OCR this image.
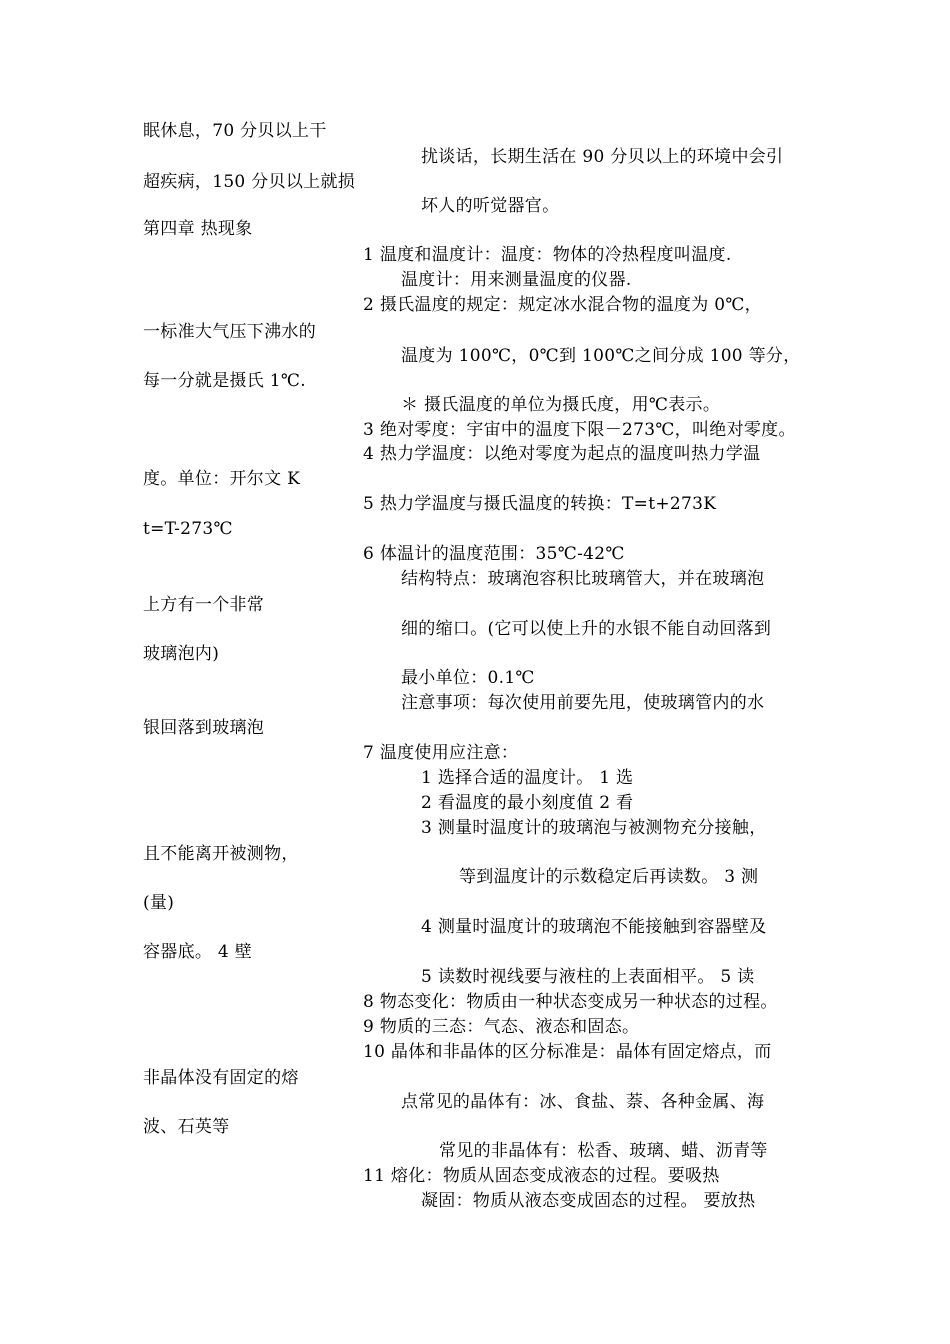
眠休息，70 分贝以上干
超疾病，150 分贝以上就损
第四章 热现象
一标准大气压下沸水的
每一分就是摄氏 1℃.
度。单位：开尔文 K
t=T-273℃
上方有一个非常
玻璃泡内)
银回落到玻璃泡
且不能离开被测物，
(量)
容器底。 4 壁
非晶体没有固定的熔
波、石英等
扰谈话，长期生活在 90 分贝以上的环境中会引
坏人的听觉器官。
1 温度和温度计：温度：物体的冷热程度叫温度.
温度计：用来测量温度的仪器.
2 摄氏温度的规定：规定冰水混合物的温度为 0℃，
温度为 100℃，0℃到 100℃之间分成 100 等分，
＊ 摄氏温度的单位为摄氏度，用℃表示。
3 绝对零度：宇宙中的温度下限－273℃，叫绝对零度。
4 热力学温度：以绝对零度为起点的温度叫热力学温
5 热力学温度与摄氏温度的转换：T=t+273K
6 体温计的温度范围：35℃-42℃
结构特点：玻璃泡容积比玻璃管大，并在玻璃泡
细的缩口。(它可以使上升的水银不能自动回落到
最小单位：0.1℃
注意事项：每次使用前要先甩，使玻璃管内的水
7 温度使用应注意：
1 选择合适的温度计。 1 选
2 看温度的最小刻度值 2 看
3 测量时温度计的玻璃泡与被测物充分接触，
等到温度计的示数稳定后再读数。 3 测
4 测量时温度计的玻璃泡不能接触到容器壁及
5 读数时视线要与液柱的上表面相平。 5 读
8 物态变化：物质由一种状态变成另一种状态的过程。
9 物质的三态：气态、液态和固态。
10 晶体和非晶体的区分标准是：晶体有固定熔点，而
点常见的晶体有：冰、食盐、萘、各种金属、海
常见的非晶体有：松香、玻璃、蜡、沥青等
11 熔化：物质从固态变成液态的过程。要吸热
凝固：物质从液态变成固态的过程。 要放热
